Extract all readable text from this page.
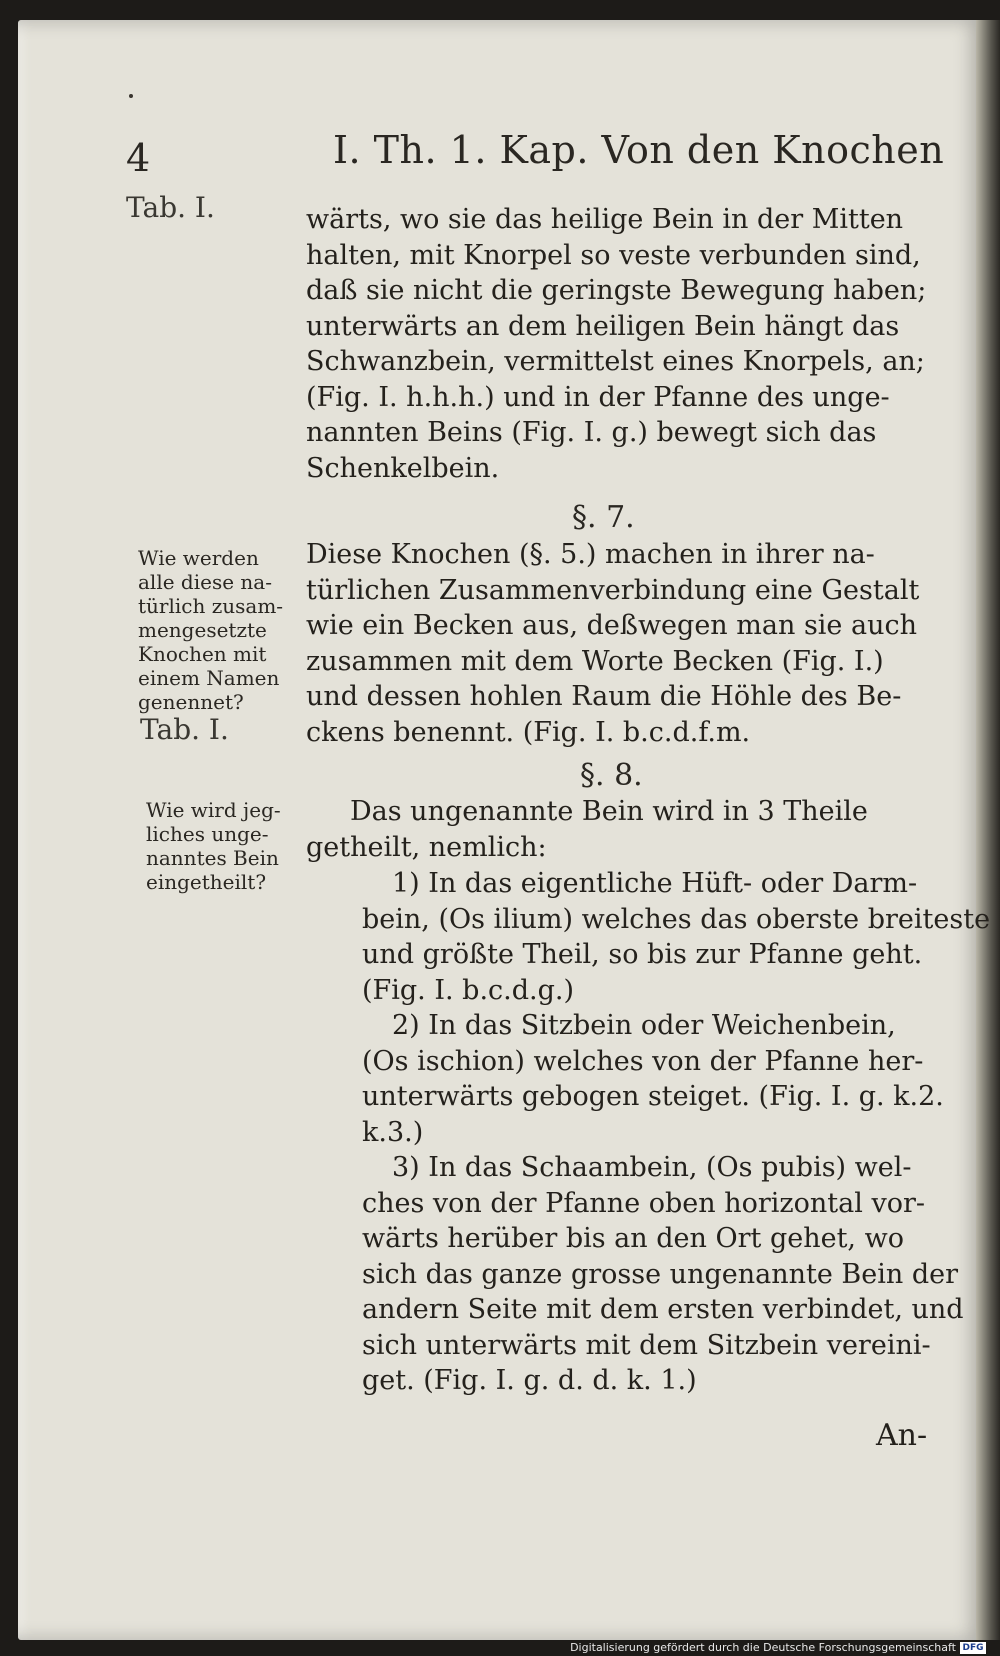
4	I. Th. 1. Kap. Von den Knochen
Tab. I.
Wie werden
alle diese na-
türlich zusam-
mengesetzte
Knochen mit
einem Namen
genennet?
Tab. I.
Wie wird jeg-
liches unge-
nanntes Bein
eingetheilt?
wärts, wo sie das heilige Bein in der Mitten
halten, mit Knorpel so veste verbunden sind,
daß sie nicht die geringste Bewegung haben;
unterwärts an dem heiligen Bein hängt das
Schwanzbein, vermittelst eines Knorpels, an;
(Fig. I. h.h.h.) und in der Pfanne des unge-
nannten Beins (Fig. I. g.) bewegt sich das
Schenkelbein.
§. 7.
Diese Knochen (§. 5.) machen in ihrer na-
türlichen Zusammenverbindung eine Gestalt
wie ein Becken aus, deßwegen man sie auch
zusammen mit dem Worte Becken (Fig. I.)
und dessen hohlen Raum die Höhle des Be-
ckens benennt. (Fig. I. b.c.d.f.m.
§. 8.
Das ungenannte Bein wird in 3 Theile
getheilt, nemlich:
1) In das eigentliche Hüft- oder Darm-
bein, (Os ilium) welches das oberste breiteste
und größte Theil, so bis zur Pfanne geht.
(Fig. I. b.c.d.g.)
2) In das Sitzbein oder Weichenbein,
(Os ischion) welches von der Pfanne her-
unterwärts gebogen steiget. (Fig. I. g. k.2.
k.3.)
3) In das Schaambein, (Os pubis) wel-
ches von der Pfanne oben horizontal vor-
wärts herüber bis an den Ort gehet, wo
sich das ganze grosse ungenannte Bein der
andern Seite mit dem ersten verbindet, und
sich unterwärts mit dem Sitzbein vereini-
get. (Fig. I. g. d. d. k. 1.)
An-
Digitalisierung gefördert durch die Deutsche Forschungsgemeinschaft DFG
